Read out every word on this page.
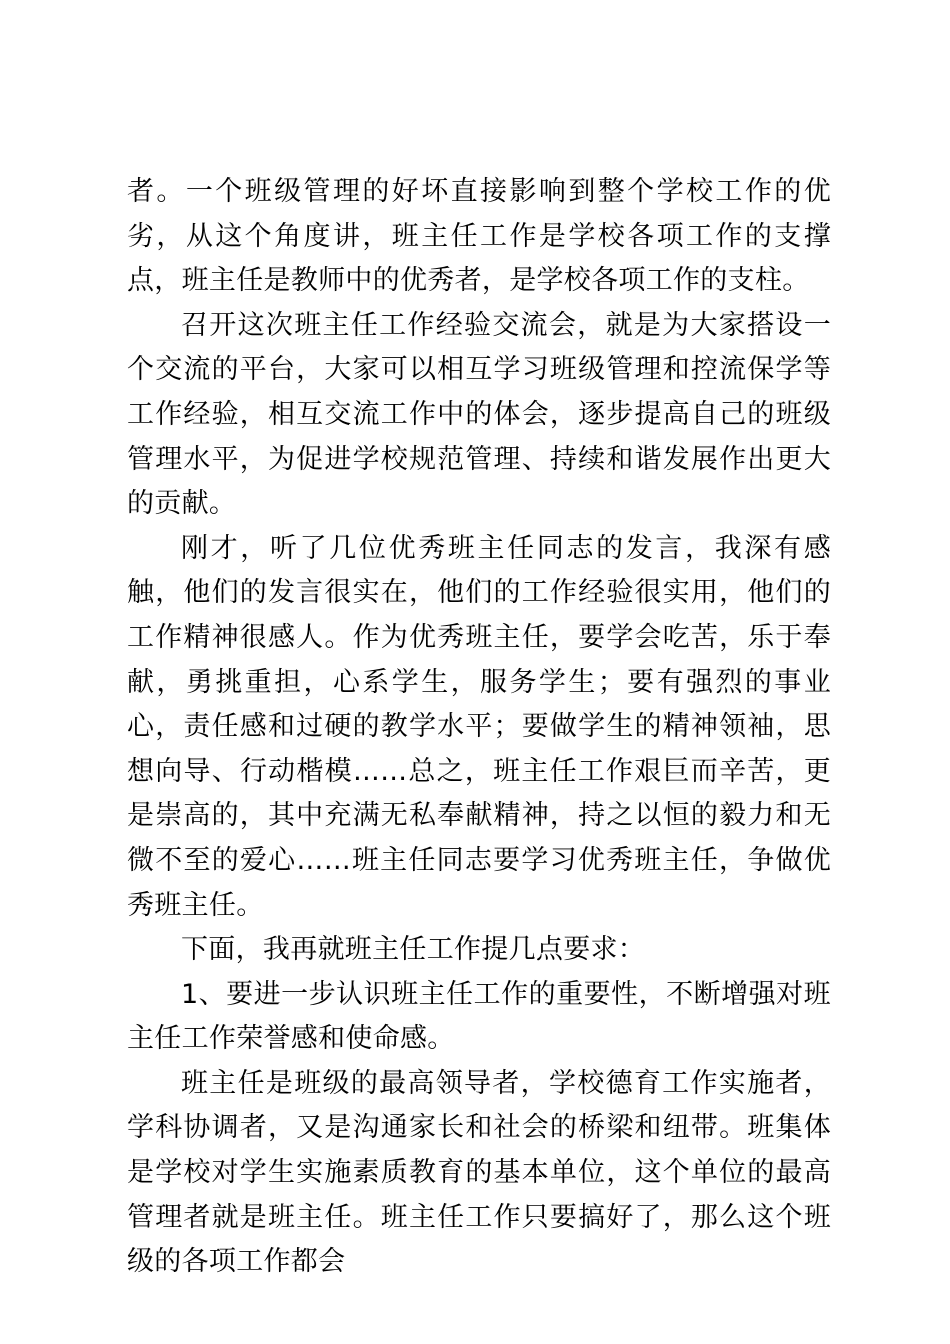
者。一个班级管理的好坏直接影响到整个学校工作的优劣，从这个角度讲，班主任工作是学校各项工作的支撑点，班主任是教师中的优秀者，是学校各项工作的支柱。

召开这次班主任工作经验交流会，就是为大家搭设一个交流的平台，大家可以相互学习班级管理和控流保学等工作经验，相互交流工作中的体会，逐步提高自己的班级管理水平，为促进学校规范管理、持续和谐发展作出更大的贡献。

刚才，听了几位优秀班主任同志的发言，我深有感触，他们的发言很实在，他们的工作经验很实用，他们的工作精神很感人。作为优秀班主任，要学会吃苦，乐于奉献，勇挑重担，心系学生，服务学生；要有强烈的事业心，责任感和过硬的教学水平；要做学生的精神领袖，思想向导、行动楷模……总之，班主任工作艰巨而辛苦，更是崇高的，其中充满无私奉献精神，持之以恒的毅力和无微不至的爱心……班主任同志要学习优秀班主任，争做优秀班主任。

下面，我再就班主任工作提几点要求：

1、要进一步认识班主任工作的重要性，不断增强对班主任工作荣誉感和使命感。

班主任是班级的最高领导者，学校德育工作实施者，学科协调者，又是沟通家长和社会的桥梁和纽带。班集体是学校对学生实施素质教育的基本单位，这个单位的最高管理者就是班主任。班主任工作只要搞好了，那么这个班级的各项工作都会
